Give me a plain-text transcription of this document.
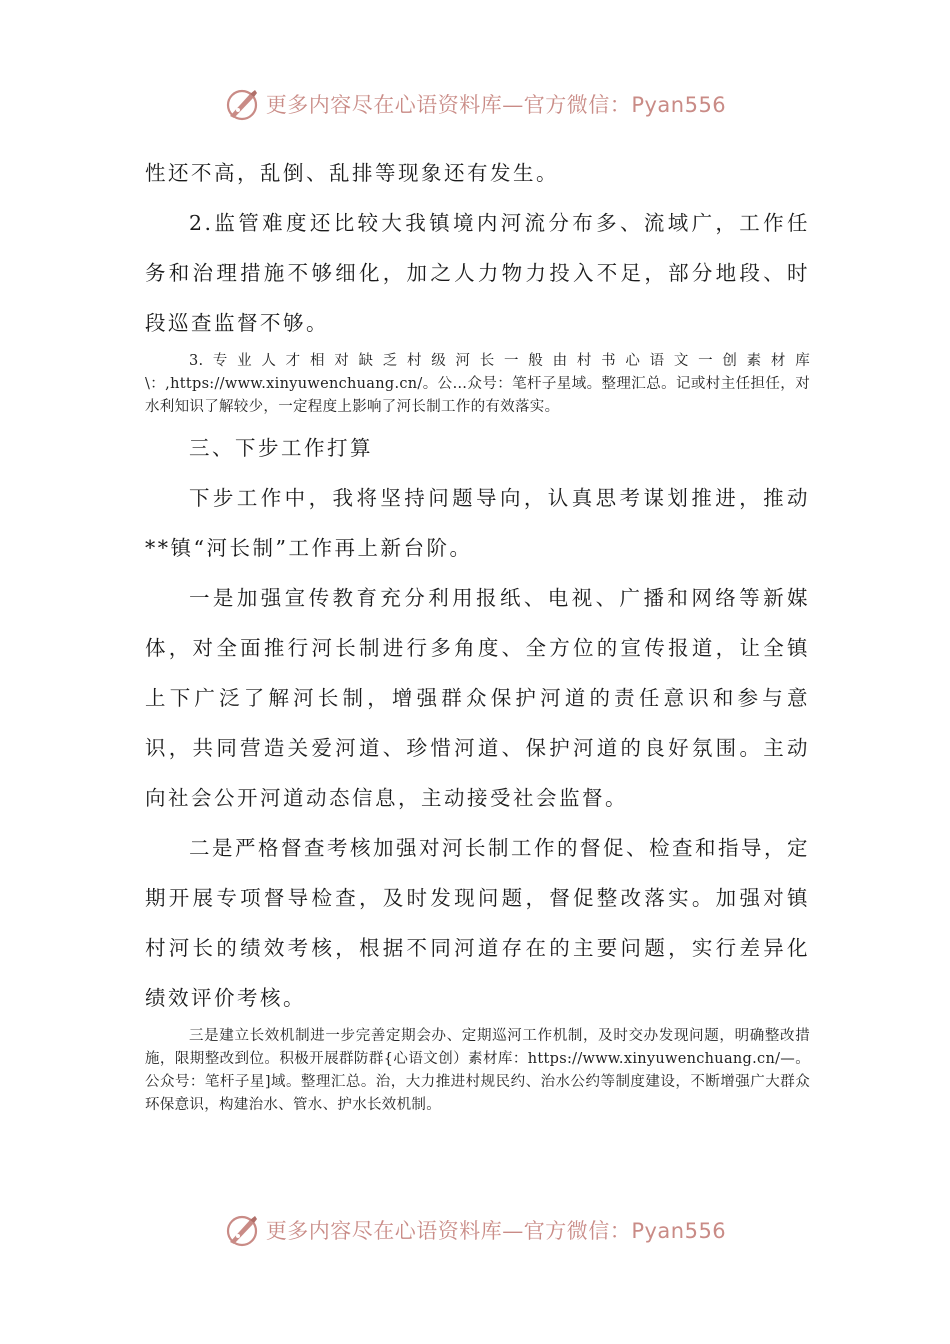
更多内容尽在心语资料库—官方微信：Pyan556

性还不高，乱倒、乱排等现象还有发生。

2.监管难度还比较大我镇境内河流分布多、流域广，工作任务和治理措施不够细化，加之人力物力投入不足，部分地段、时段巡查监督不够。

3.专业人才相对缺乏村级河长一般由村书心语文一创素材库\：,https://www.xinyuwenchuang.cn/。公…众号：笔杆子星域。整理汇总。记或村主任担任，对水利知识了解较少，一定程度上影响了河长制工作的有效落实。

三、下步工作打算

下步工作中，我将坚持问题导向，认真思考谋划推进，推动**镇“河长制”工作再上新台阶。

一是加强宣传教育充分利用报纸、电视、广播和网络等新媒体，对全面推行河长制进行多角度、全方位的宣传报道，让全镇上下广泛了解河长制，增强群众保护河道的责任意识和参与意识，共同营造关爱河道、珍惜河道、保护河道的良好氛围。主动向社会公开河道动态信息，主动接受社会监督。

二是严格督查考核加强对河长制工作的督促、检查和指导，定期开展专项督导检查，及时发现问题，督促整改落实。加强对镇村河长的绩效考核，根据不同河道存在的主要问题，实行差异化绩效评价考核。

三是建立长效机制进一步完善定期会办、定期巡河工作机制，及时交办发现问题，明确整改措施，限期整改到位。积极开展群防群{心语文创）素材库：https://www.xinyuwenchuang.cn/—。公众号：笔杆子星]域。整理汇总。治，大力推进村规民约、治水公约等制度建设，不断增强广大群众环保意识，构建治水、管水、护水长效机制。

更多内容尽在心语资料库—官方微信：Pyan556
